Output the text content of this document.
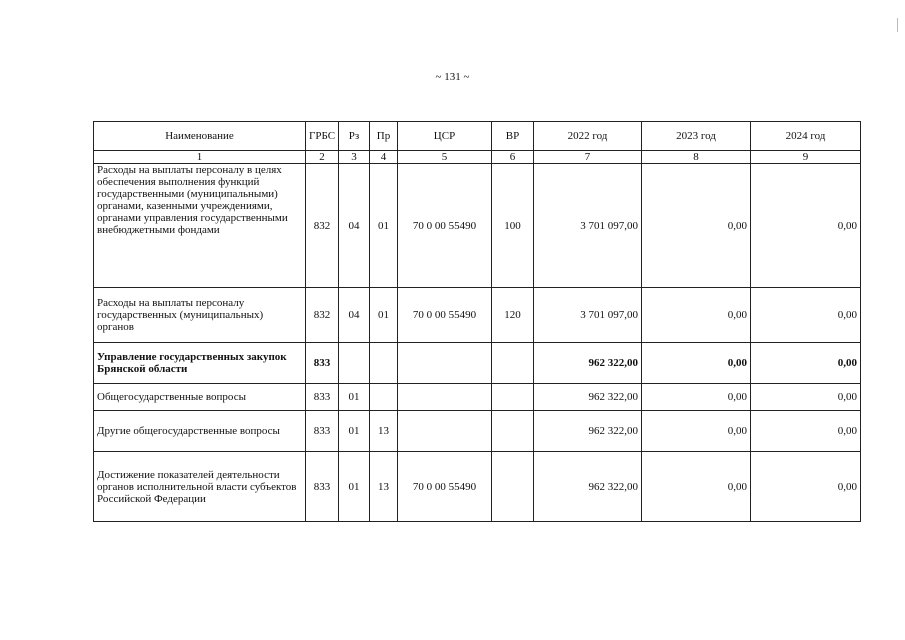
~ 131 ~
Наименование	ГРБС	Рз	Пр	ЦСР	ВР	2022 год	2023 год	2024 год
1	2	3	4	5	6	7	8	9
Расходы на выплаты персоналу в целях обеспечения выполнения функций государственными (муниципальными) органами, казенными учреждениями, органами управления государственными внебюджетными фондами	832	04	01	70 0 00 55490	100	3 701 097,00	0,00	0,00
Расходы на выплаты персоналу государственных (муниципальных) органов	832	04	01	70 0 00 55490	120	3 701 097,00	0,00	0,00
Управление государственных закупок Брянской области	833					962 322,00	0,00	0,00
Общегосударственные вопросы	833	01				962 322,00	0,00	0,00
Другие общегосударственные вопросы	833	01	13			962 322,00	0,00	0,00
Достижение показателей деятельности органов исполнительной власти субъектов Российской Федерации	833	01	13	70 0 00 55490		962 322,00	0,00	0,00
